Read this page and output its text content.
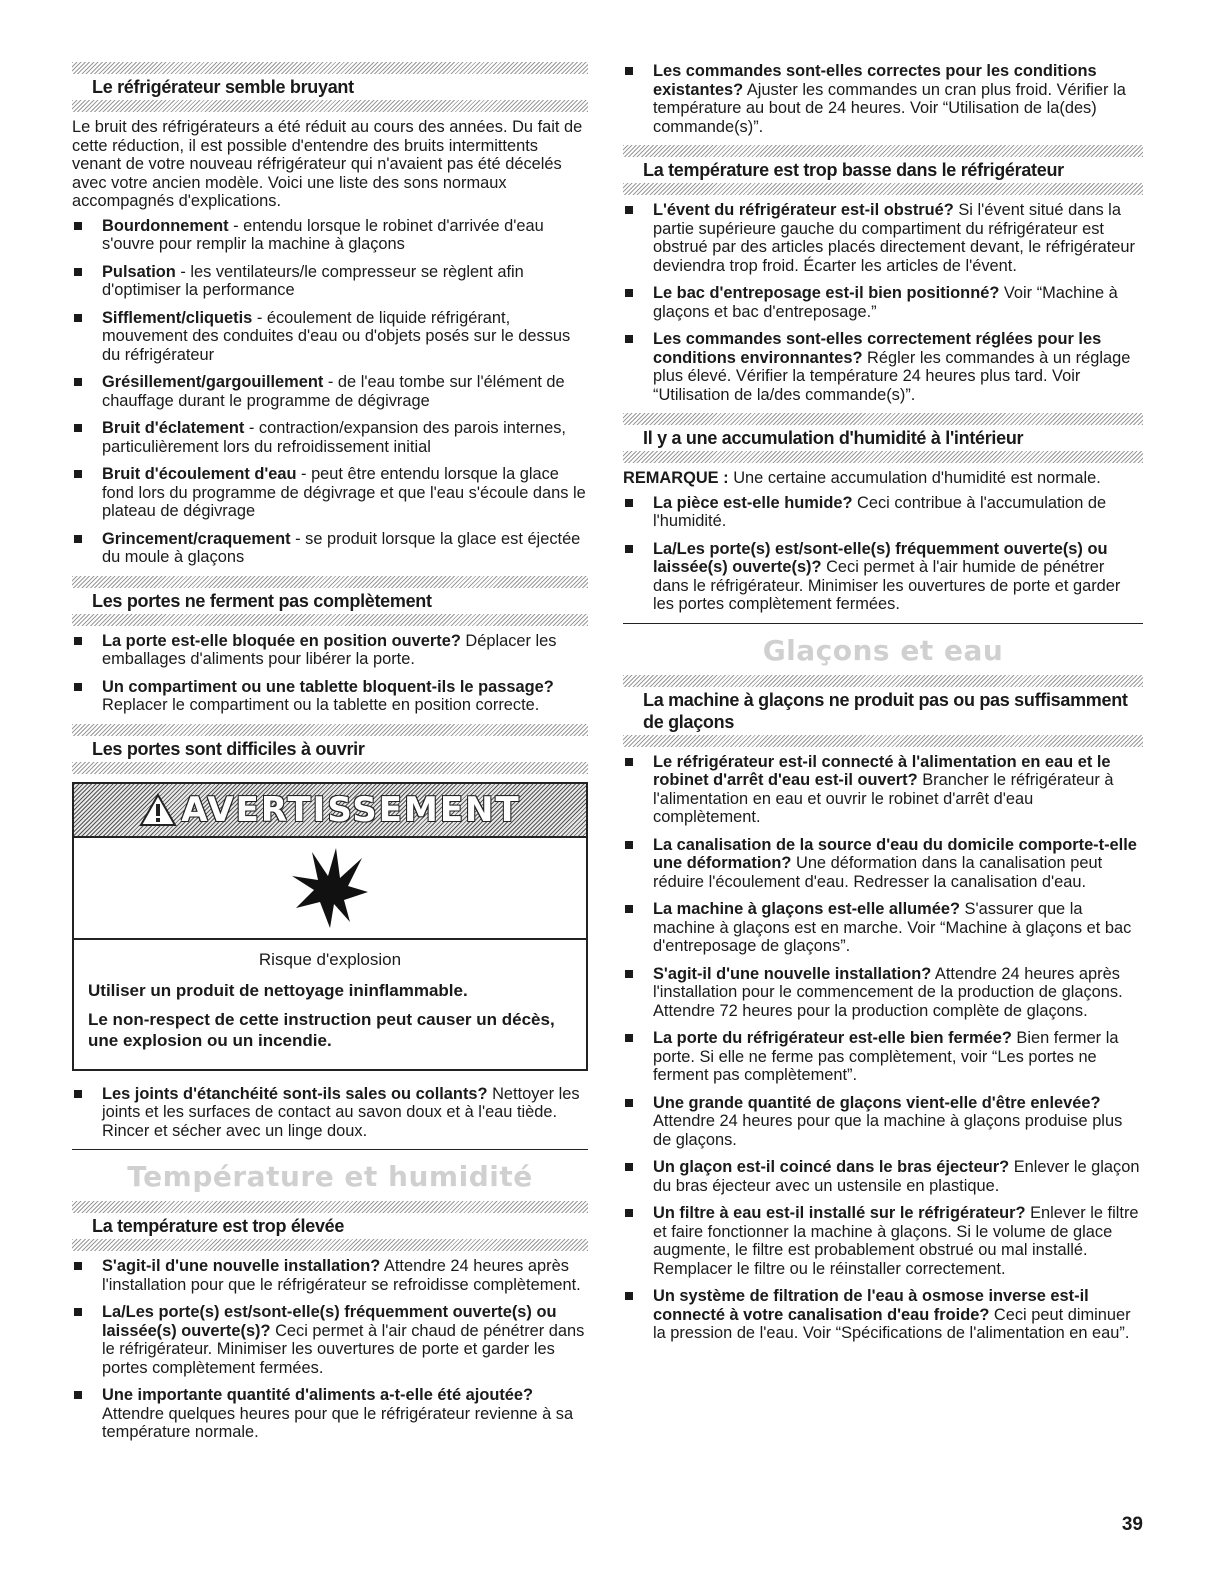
Le réfrigérateur semble bruyant

Le bruit des réfrigérateurs a été réduit au cours des années. Du fait de cette réduction, il est possible d'entendre des bruits intermittents venant de votre nouveau réfrigérateur qui n'avaient pas été décelés avec votre ancien modèle. Voici une liste des sons normaux accompagnés d'explications.

Bourdonnement - entendu lorsque le robinet d'arrivée d'eau s'ouvre pour remplir la machine à glaçons
Pulsation - les ventilateurs/le compresseur se règlent afin d'optimiser la performance
Sifflement/cliquetis - écoulement de liquide réfrigérant, mouvement des conduites d'eau ou d'objets posés sur le dessus du réfrigérateur
Grésillement/gargouillement - de l'eau tombe sur l'élément de chauffage durant le programme de dégivrage
Bruit d'éclatement - contraction/expansion des parois internes, particulièrement lors du refroidissement initial
Bruit d'écoulement d'eau - peut être entendu lorsque la glace fond lors du programme de dégivrage et que l'eau s'écoule dans le plateau de dégivrage
Grincement/craquement - se produit lorsque la glace est éjectée du moule à glaçons
Les portes ne ferment pas complètement
La porte est-elle bloquée en position ouverte? Déplacer les emballages d'aliments pour libérer la porte.
Un compartiment ou une tablette bloquent-ils le passage? Replacer le compartiment ou la tablette en position correcte.
Les portes sont difficiles à ouvrir
AVERTISSEMENT

Risque d'explosion

Utiliser un produit de nettoyage ininflammable.

Le non-respect de cette instruction peut causer un décès, une explosion ou un incendie.

Les joints d'étanchéité sont-ils sales ou collants? Nettoyer les joints et les surfaces de contact au savon doux et à l'eau tiède. Rincer et sécher avec un linge doux.
Température et humidité
La température est trop élevée
S'agit-il d'une nouvelle installation? Attendre 24 heures après l'installation pour que le réfrigérateur se refroidisse complètement.
La/Les porte(s) est/sont-elle(s) fréquemment ouverte(s) ou laissée(s) ouverte(s)? Ceci permet à l'air chaud de pénétrer dans le réfrigérateur. Minimiser les ouvertures de porte et garder les portes complètement fermées.
Une importante quantité d'aliments a-t-elle été ajoutée? Attendre quelques heures pour que le réfrigérateur revienne à sa température normale.
Les commandes sont-elles correctes pour les conditions existantes? Ajuster les commandes un cran plus froid. Vérifier la température au bout de 24 heures. Voir “Utilisation de la(des) commande(s)”.
La température est trop basse dans le réfrigérateur
L'évent du réfrigérateur est-il obstrué? Si l'évent situé dans la partie supérieure gauche du compartiment du réfrigérateur est obstrué par des articles placés directement devant, le réfrigérateur deviendra trop froid. Écarter les articles de l'évent.
Le bac d'entreposage est-il bien positionné? Voir “Machine à glaçons et bac d'entreposage.”
Les commandes sont-elles correctement réglées pour les conditions environnantes? Régler les commandes à un réglage plus élevé. Vérifier la température 24 heures plus tard. Voir “Utilisation de la/des commande(s)”.
Il y a une accumulation d'humidité à l'intérieur

REMARQUE : Une certaine accumulation d'humidité est normale.

La pièce est-elle humide? Ceci contribue à l'accumulation de l'humidité.
La/Les porte(s) est/sont-elle(s) fréquemment ouverte(s) ou laissée(s) ouverte(s)? Ceci permet à l'air humide de pénétrer dans le réfrigérateur. Minimiser les ouvertures de porte et garder les portes complètement fermées.
Glaçons et eau
La machine à glaçons ne produit pas ou pas suffisamment de glaçons
Le réfrigérateur est-il connecté à l'alimentation en eau et le robinet d'arrêt d'eau est-il ouvert? Brancher le réfrigérateur à l'alimentation en eau et ouvrir le robinet d'arrêt d'eau complètement.
La canalisation de la source d'eau du domicile comporte-t-elle une déformation? Une déformation dans la canalisation peut réduire l'écoulement d'eau. Redresser la canalisation d'eau.
La machine à glaçons est-elle allumée? S'assurer que la machine à glaçons est en marche. Voir “Machine à glaçons et bac d'entreposage de glaçons”.
S'agit-il d'une nouvelle installation? Attendre 24 heures après l'installation pour le commencement de la production de glaçons. Attendre 72 heures pour la production complète de glaçons.
La porte du réfrigérateur est-elle bien fermée? Bien fermer la porte. Si elle ne ferme pas complètement, voir “Les portes ne ferment pas complètement”.
Une grande quantité de glaçons vient-elle d'être enlevée? Attendre 24 heures pour que la machine à glaçons produise plus de glaçons.
Un glaçon est-il coincé dans le bras éjecteur? Enlever le glaçon du bras éjecteur avec un ustensile en plastique.
Un filtre à eau est-il installé sur le réfrigérateur? Enlever le filtre et faire fonctionner la machine à glaçons. Si le volume de glace augmente, le filtre est probablement obstrué ou mal installé. Remplacer le filtre ou le réinstaller correctement.
Un système de filtration de l'eau à osmose inverse est-il connecté à votre canalisation d'eau froide? Ceci peut diminuer la pression de l'eau. Voir “Spécifications de l'alimentation en eau”.
39
